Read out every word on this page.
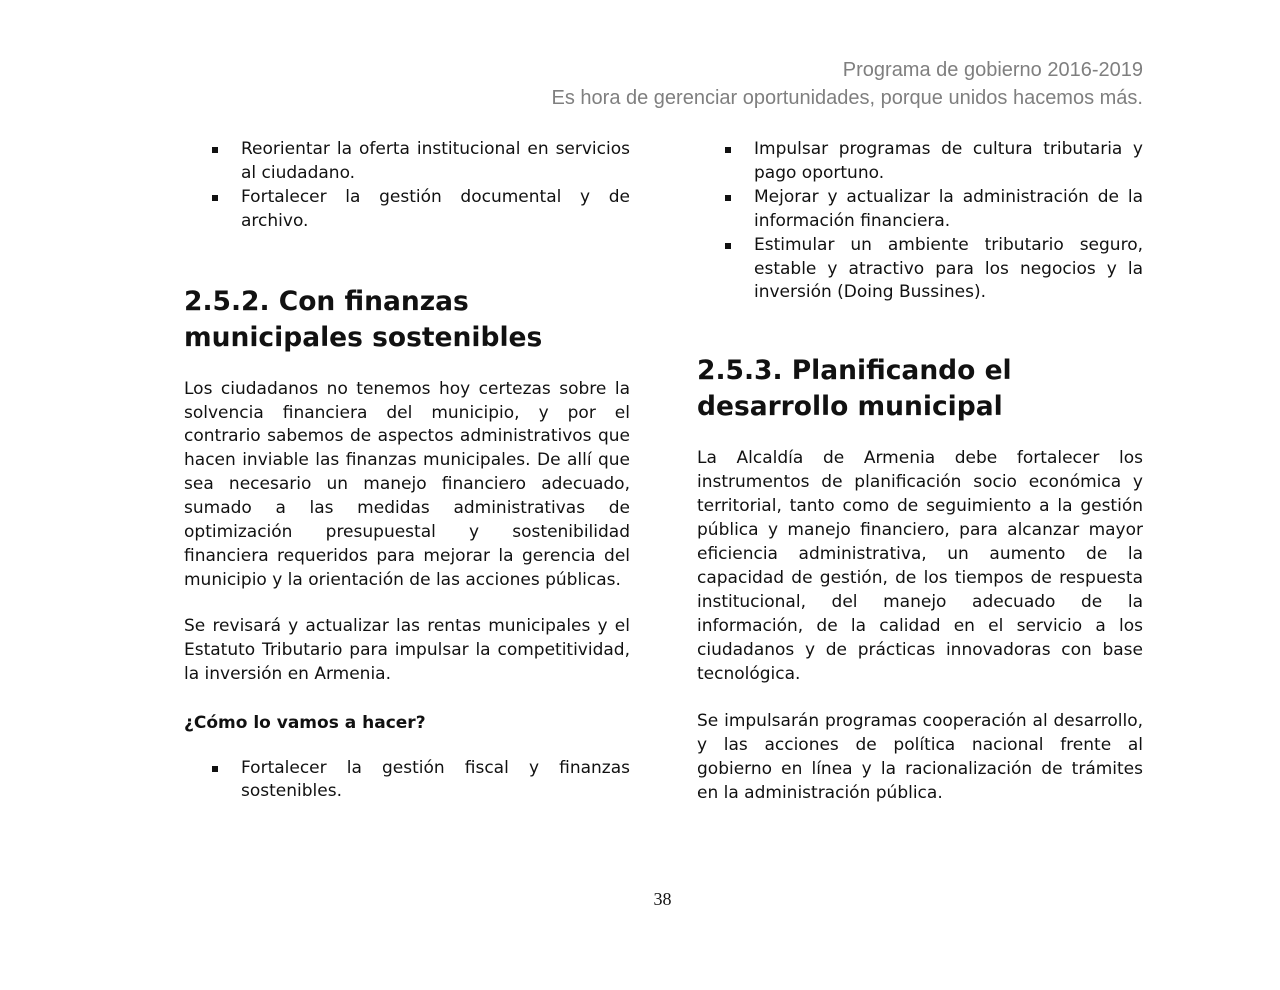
Programa de gobierno 2016-2019
Es hora de gerenciar oportunidades, porque unidos hacemos más.
Reorientar la oferta institucional en servicios al ciudadano.
Fortalecer la gestión documental y de archivo.
2.5.2. Con finanzas municipales sostenibles

Los ciudadanos no tenemos hoy certezas sobre la solvencia financiera del municipio, y por el contrario sabemos de aspectos administrativos que hacen inviable las finanzas municipales. De allí que sea necesario un manejo financiero adecuado, sumado a las medidas administrativas de optimización presupuestal y sostenibilidad financiera requeridos para mejorar la gerencia del municipio y la orientación de las acciones públicas.

Se revisará y actualizar las rentas municipales y el Estatuto Tributario para impulsar la competitividad, la inversión en Armenia.

¿Cómo lo vamos a hacer?

Fortalecer la gestión fiscal y finanzas sostenibles.
Impulsar programas de cultura tributaria y pago oportuno.
Mejorar y actualizar la administración de la información financiera.
Estimular un ambiente tributario seguro, estable y atractivo para los negocios y la inversión (Doing Bussines).
2.5.3. Planificando el desarrollo municipal

La Alcaldía de Armenia debe fortalecer los instrumentos de planificación socio económica y territorial, tanto como de seguimiento a la gestión pública y manejo financiero, para alcanzar mayor eficiencia administrativa, un aumento de la capacidad de gestión, de los tiempos de respuesta institucional, del manejo adecuado de la información, de la calidad en el servicio a los ciudadanos y de prácticas innovadoras con base tecnológica.

Se impulsarán programas cooperación al desarrollo, y las acciones de política nacional frente al gobierno en línea y la racionalización de trámites en la administración pública.

38
